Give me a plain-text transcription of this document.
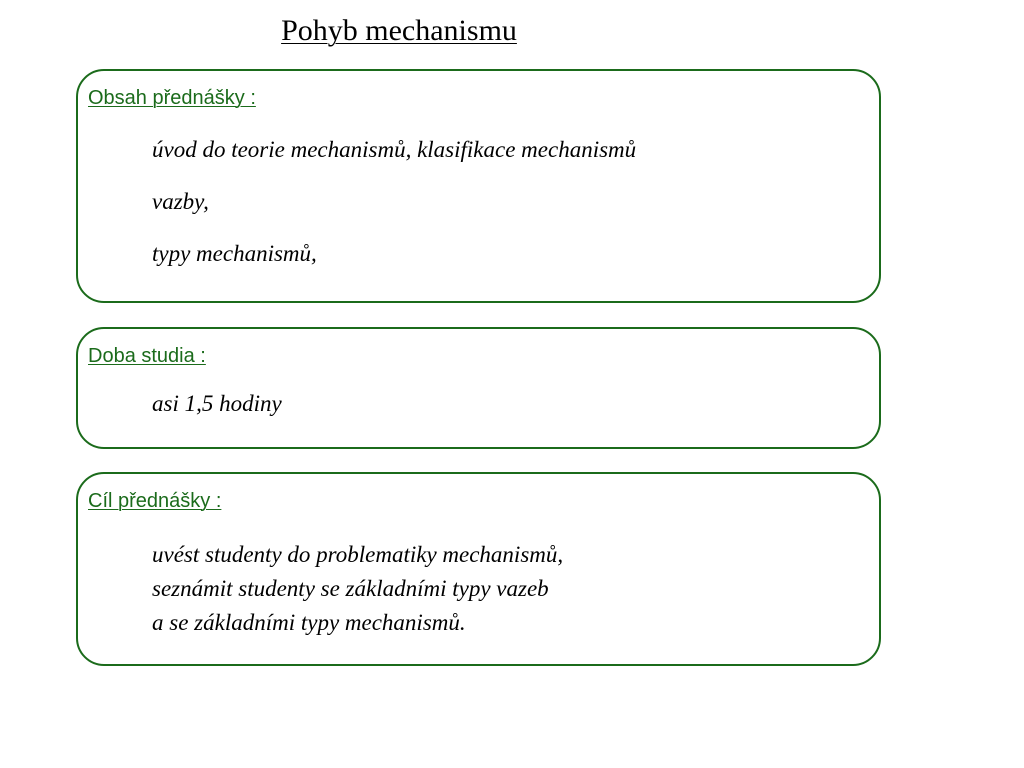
Pohyb mechanismu
Obsah přednášky :
úvod do teorie mechanismů, klasifikace mechanismů
vazby,
typy mechanismů,
Doba studia :
asi 1,5 hodiny
Cíl přednášky :
uvést studenty do problematiky mechanismů,
seznámit studenty se základními typy vazeb
a se základními typy mechanismů.
